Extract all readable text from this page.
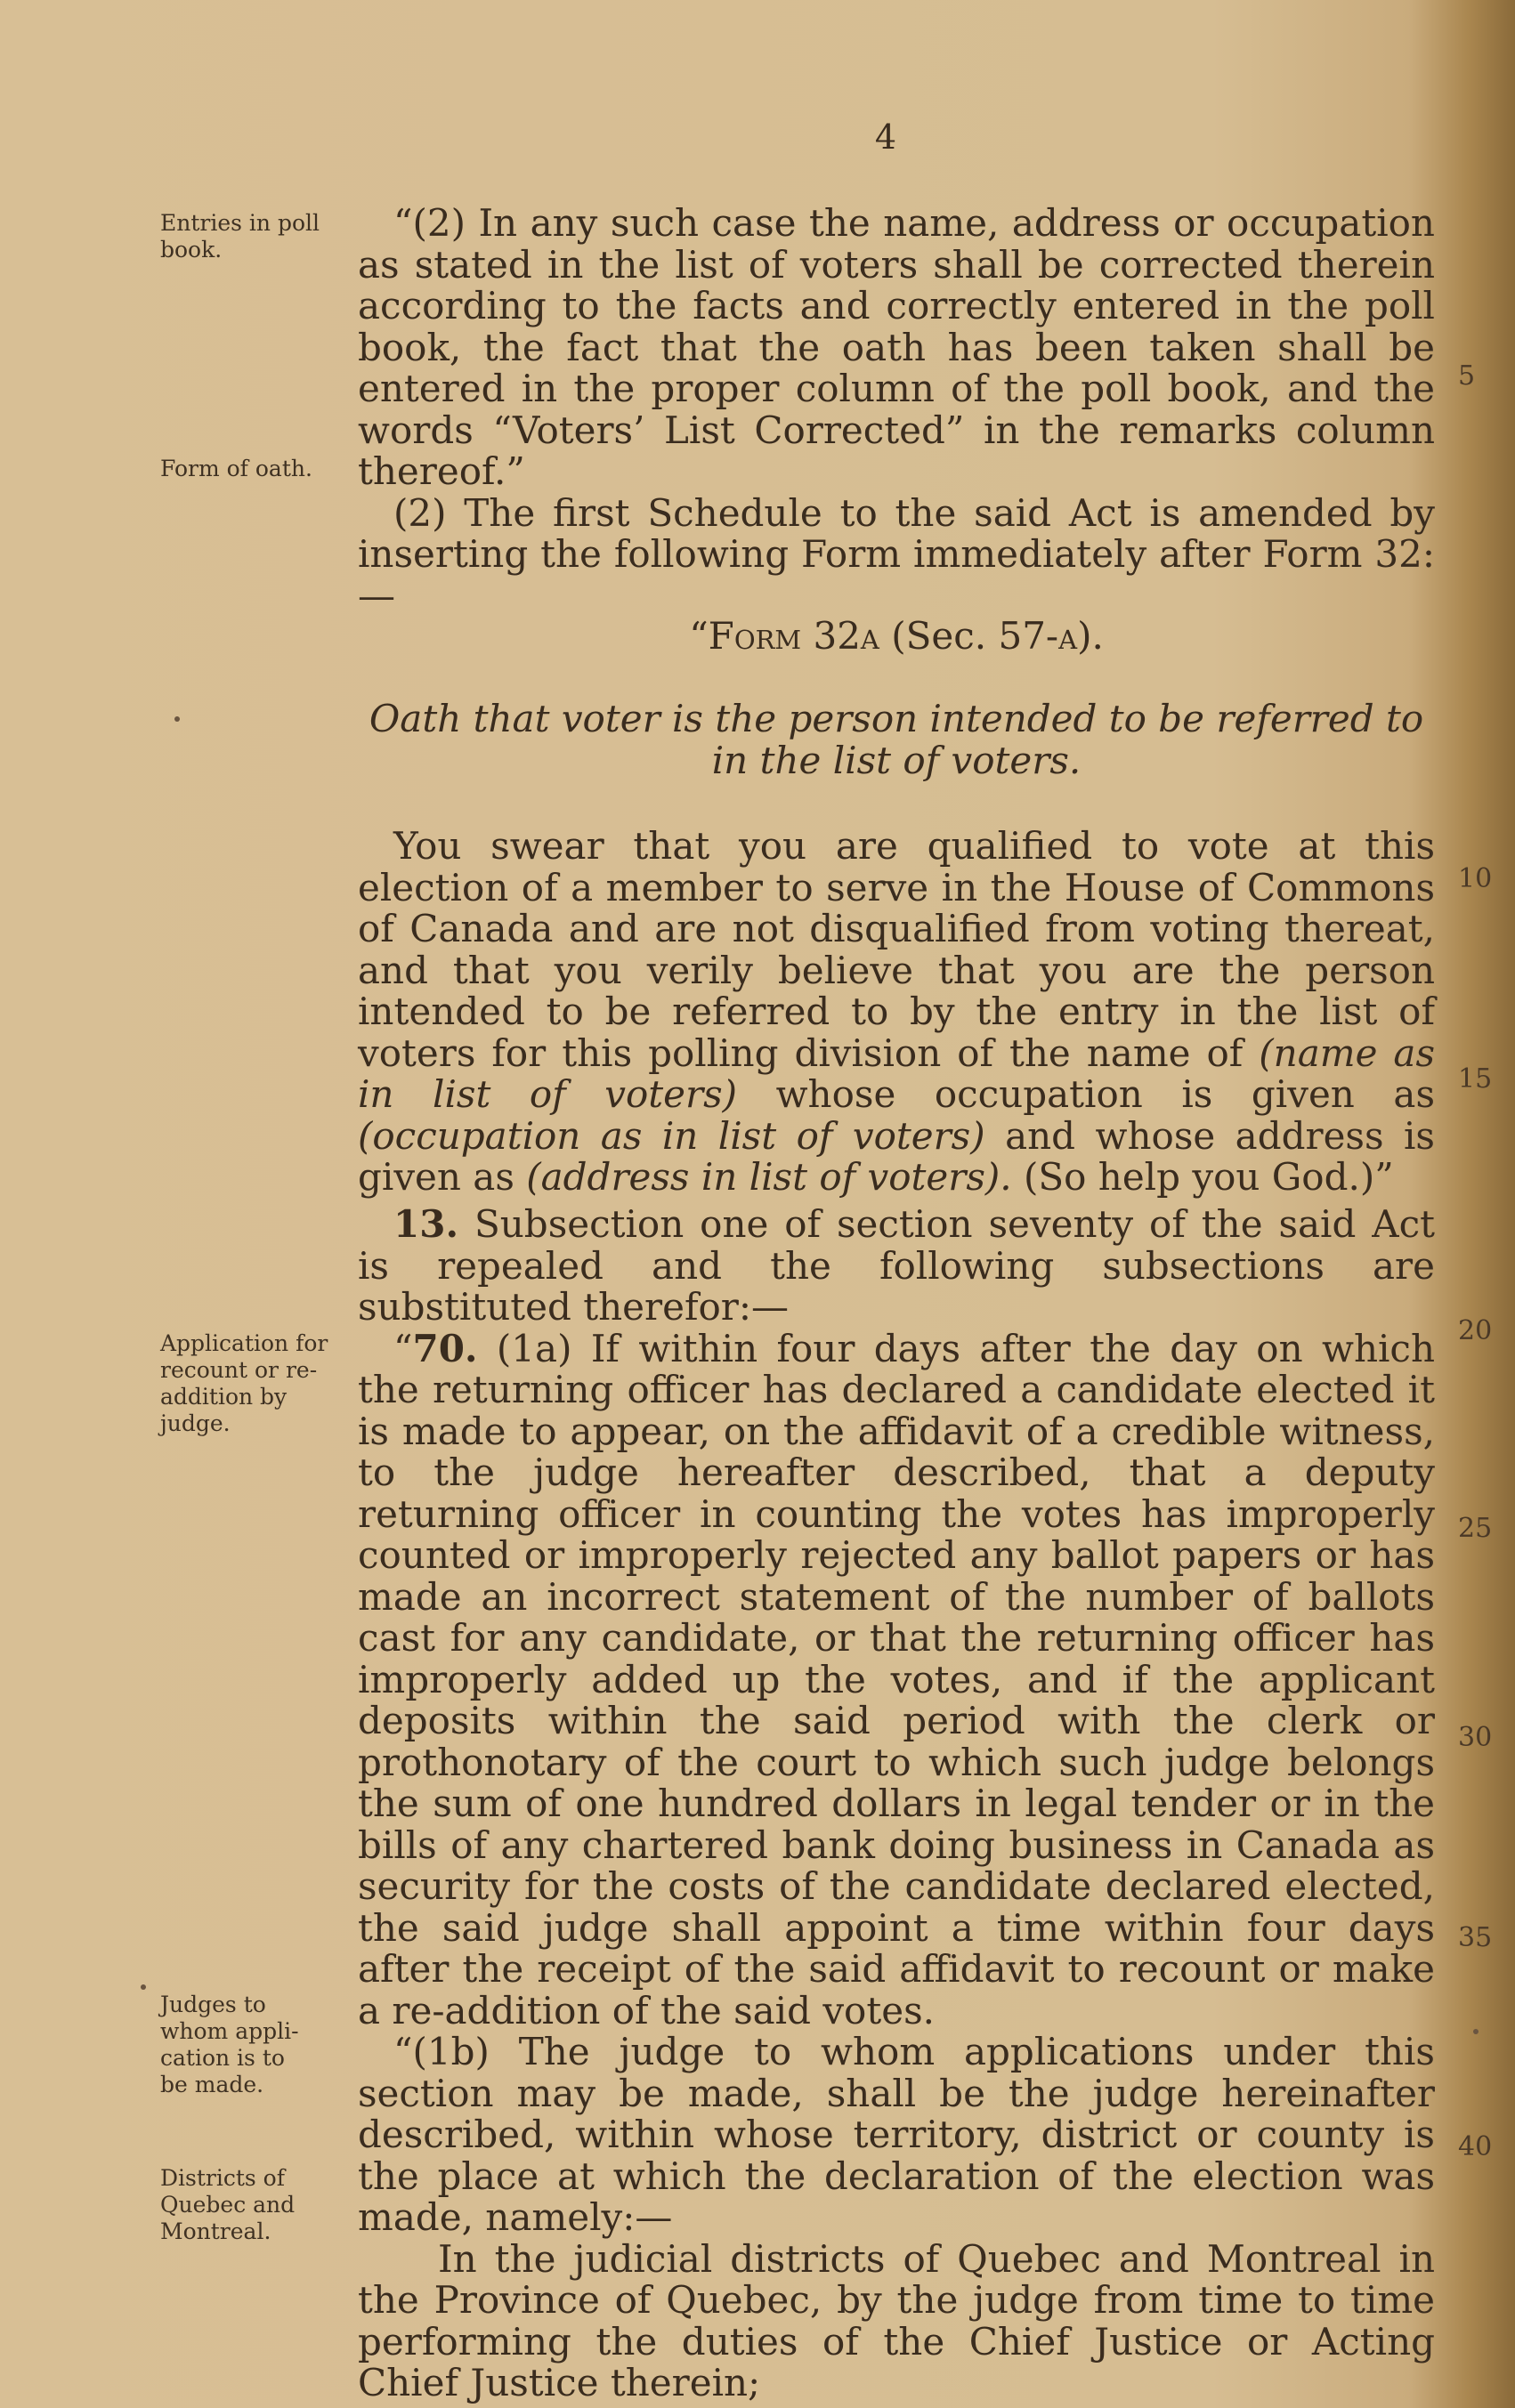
4
Entries in poll book.
Form of oath.
Application for recount or re-addition by judge.
Judges to whom appli-cation is to be made.
Districts of Quebec and Montreal.
5
10
15
20
25
30
35
40

“(2) In any such case the name, address or occupation as stated in the list of voters shall be corrected therein according to the facts and correctly entered in the poll book, the fact that the oath has been taken shall be entered in the proper column of the poll book, and the words “Voters’ List Corrected” in the remarks column thereof.”

(2) The first Schedule to the said Act is amended by inserting the following Form immediately after Form 32:—

“Form 32a (Sec. 57-a).
Oath that voter is the person intended to be referred to in the list of voters.

You swear that you are qualified to vote at this election of a member to serve in the House of Commons of Canada and are not disqualified from voting thereat, and that you verily believe that you are the person intended to be referred to by the entry in the list of voters for this polling division of the name of (name as in list of voters) whose occupation is given as (occupation as in list of voters) and whose address is given as (address in list of voters). (So help you God.)”

13. Subsection one of section seventy of the said Act is repealed and the following subsections are substituted therefor:—

“70. (1a) If within four days after the day on which the returning officer has declared a candidate elected it is made to appear, on the affidavit of a credible witness, to the judge hereafter described, that a deputy returning officer in counting the votes has improperly counted or improperly rejected any ballot papers or has made an incorrect statement of the number of ballots cast for any candidate, or that the returning officer has improperly added up the votes, and if the applicant deposits within the said period with the clerk or prothonotary of the court to which such judge belongs the sum of one hundred dollars in legal tender or in the bills of any chartered bank doing business in Canada as security for the costs of the candidate declared elected, the said judge shall appoint a time within four days after the receipt of the said affidavit to recount or make a re-addition of the said votes.

“(1b) The judge to whom applications under this section may be made, shall be the judge hereinafter described, within whose territory, district or county is the place at which the declaration of the election was made, namely:—

In the judicial districts of Quebec and Montreal in the Province of Quebec, by the judge from time to time performing the duties of the Chief Justice or Acting Chief Justice therein;
